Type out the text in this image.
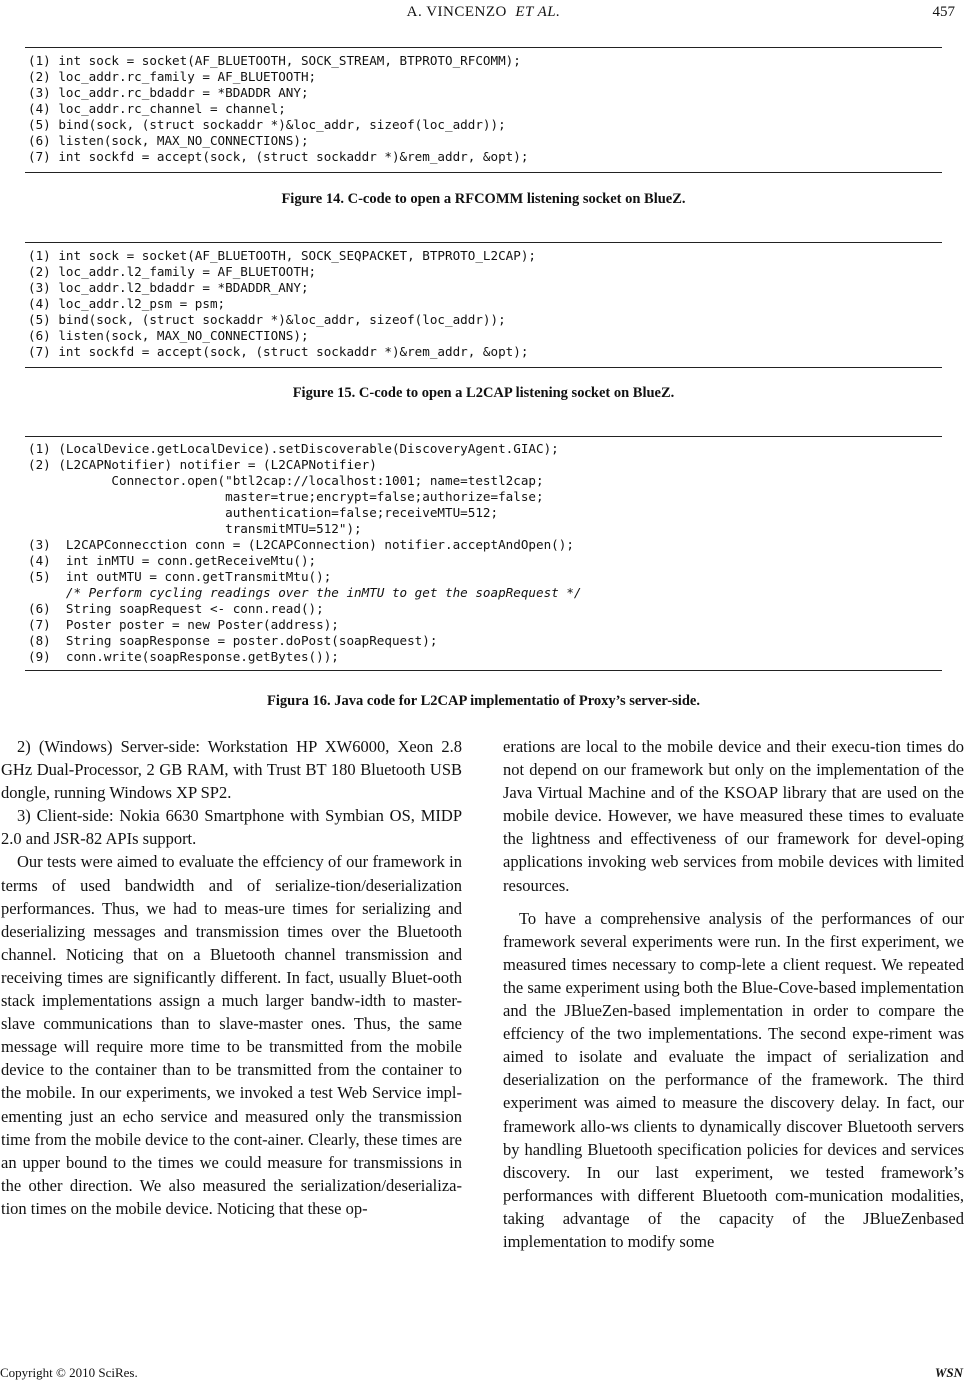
A. VINCENZO ET AL.	457
(1) int sock = socket(AF_BLUETOOTH, SOCK_STREAM, BTPROTO_RFCOMM);
(2) loc_addr.rc_family = AF_BLUETOOTH;
(3) loc_addr.rc_bdaddr = *BDADDR ANY;
(4) loc_addr.rc_channel = channel;
(5) bind(sock, (struct sockaddr *)&loc_addr, sizeof(loc_addr));
(6) listen(sock, MAX_NO_CONNECTIONS);
(7) int sockfd = accept(sock, (struct sockaddr *)&rem_addr, &opt);
Figure 14. C-code to open a RFCOMM listening socket on BlueZ.
(1) int sock = socket(AF_BLUETOOTH, SOCK_SEQPACKET, BTPROTO_L2CAP);
(2) loc_addr.l2_family = AF_BLUETOOTH;
(3) loc_addr.l2_bdaddr = *BDADDR_ANY;
(4) loc_addr.l2_psm = psm;
(5) bind(sock, (struct sockaddr *)&loc_addr, sizeof(loc_addr));
(6) listen(sock, MAX_NO_CONNECTIONS);
(7) int sockfd = accept(sock, (struct sockaddr *)&rem_addr, &opt);
Figure 15. C-code to open a L2CAP listening socket on BlueZ.
(1) (LocalDevice.getLocalDevice).setDiscoverable(DiscoveryAgent.GIAC);
(2) (L2CAPNotifier) notifier = (L2CAPNotifier)
Connector.open("btl2cap://localhost:1001; name=testl2cap;
master=true;encrypt=false;authorize=false;
authentication=false;receiveMTU=512;
transmitMTU=512");
(3)  L2CAPConnecction conn = (L2CAPConnection) notifier.acceptAndOpen();
(4)  int inMTU = conn.getReceiveMtu();
(5)  int outMTU = conn.getTransmitMtu();
/* Perform cycling readings over the inMTU to get the soapRequest */
(6)  String soapRequest <- conn.read();
(7)  Poster poster = new Poster(address);
(8)  String soapResponse = poster.doPost(soapRequest);
(9)  conn.write(soapResponse.getBytes());
Figura 16. Java code for L2CAP implementatio of Proxy’s server-side.

2) (Windows) Server-side: Workstation HP XW6000, Xeon 2.8 GHz Dual-Processor, 2 GB RAM, with Trust BT 180 Bluetooth USB dongle, running Windows XP SP2.

3) Client-side: Nokia 6630 Smartphone with Symbian OS, MIDP 2.0 and JSR-82 APIs support.

Our tests were aimed to evaluate the effciency of our framework in terms of used bandwidth and of serialize-tion/deserialization performances. Thus, we had to meas-ure times for serializing and deserializing messages and transmission times over the Bluetooth channel. Noticing that on a Bluetooth channel transmission and receiving times are significantly different. In fact, usually Bluet-ooth stack implementations assign a much larger bandw-idth to master-slave communications than to slave-master ones. Thus, the same message will require more time to be transmitted from the mobile device to the container than to be transmitted from the container to the mobile. In our experiments, we invoked a test Web Service impl-ementing just an echo service and measured only the transmission time from the mobile device to the cont-ainer. Clearly, these times are an upper bound to the times we could measure for transmissions in the other direction. We also measured the serialization/deserializa-tion times on the mobile device. Noticing that these op-

erations are local to the mobile device and their execu-tion times do not depend on our framework but only on the implementation of the Java Virtual Machine and of the KSOAP library that are used on the mobile device. However, we have measured these times to evaluate the lightness and effectiveness of our framework for devel-oping applications invoking web services from mobile devices with limited resources.

To have a comprehensive analysis of the performances of our framework several experiments were run. In the first experiment, we measured times necessary to comp-lete a client request. We repeated the same experiment using both the Blue-Cove-based implementation and the JBlueZen-based implementation in order to compare the effciency of the two implementations. The second expe-riment was aimed to isolate and evaluate the impact of serialization and deserialization on the performance of the framework. The third experiment was aimed to measure the discovery delay. In fact, our framework allo-ws clients to dynamically discover Bluetooth servers by handling Bluetooth specification policies for devices and services discovery. In our last experiment, we tested framework’s performances with different Bluetooth com-munication modalities, taking advantage of the capacity of the JBlueZenbased implementation to modify some

Copyright © 2010 SciRes.	WSN
